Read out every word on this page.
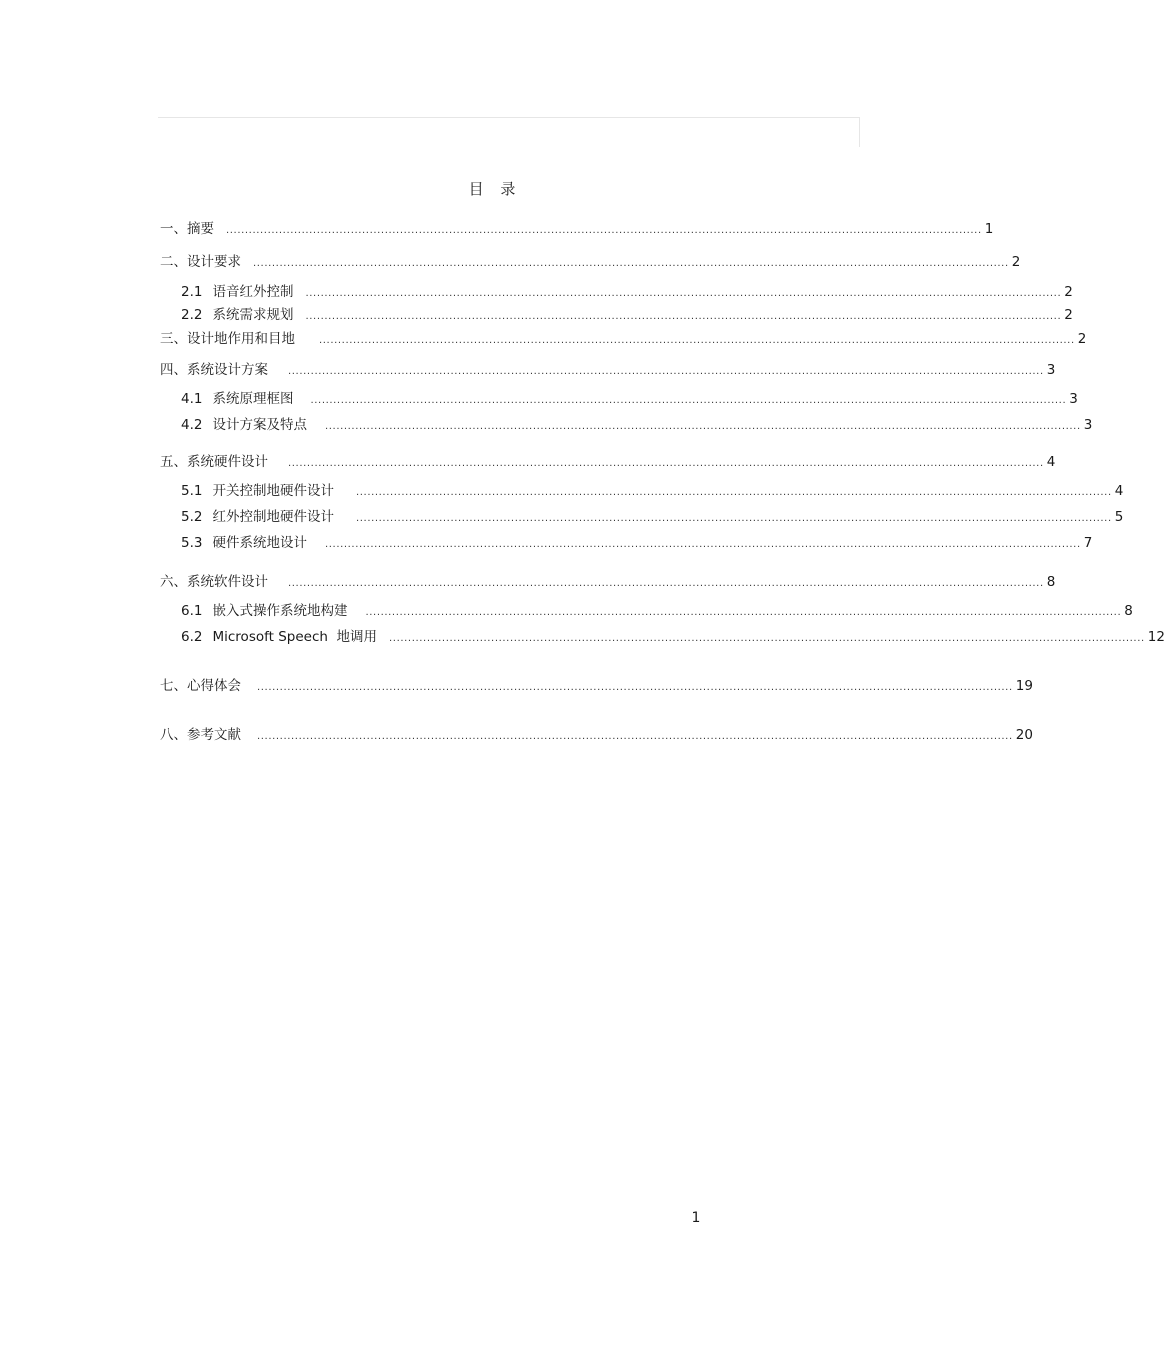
目 录
一、摘要 ........................................................................................................................................................................................................ 1
二、设计要求 ........................................................................................................................................................................................................ 2
2.1 语音红外控制 ........................................................................................................................................................................................................ 2
2.2 系统需求规划 ........................................................................................................................................................................................................ 2
三、设计地作用和目地 ........................................................................................................................................................................................................ 2
四、系统设计方案 ........................................................................................................................................................................................................ 3
4.1 系统原理框图 ........................................................................................................................................................................................................ 3
4.2 设计方案及特点 ........................................................................................................................................................................................................ 3
五、系统硬件设计 ........................................................................................................................................................................................................ 4
5.1 开关控制地硬件设计 ........................................................................................................................................................................................................ 4
5.2 红外控制地硬件设计 ........................................................................................................................................................................................................ 5
5.3 硬件系统地设计 ........................................................................................................................................................................................................ 7
六、系统软件设计 ........................................................................................................................................................................................................ 8
6.1 嵌入式操作系统地构建 ........................................................................................................................................................................................................ 8
6.2 Microsoft Speech  地调用 ........................................................................................................................................................................................................ 12
七、心得体会 ........................................................................................................................................................................................................ 19
八、参考文献 ........................................................................................................................................................................................................ 20
1
